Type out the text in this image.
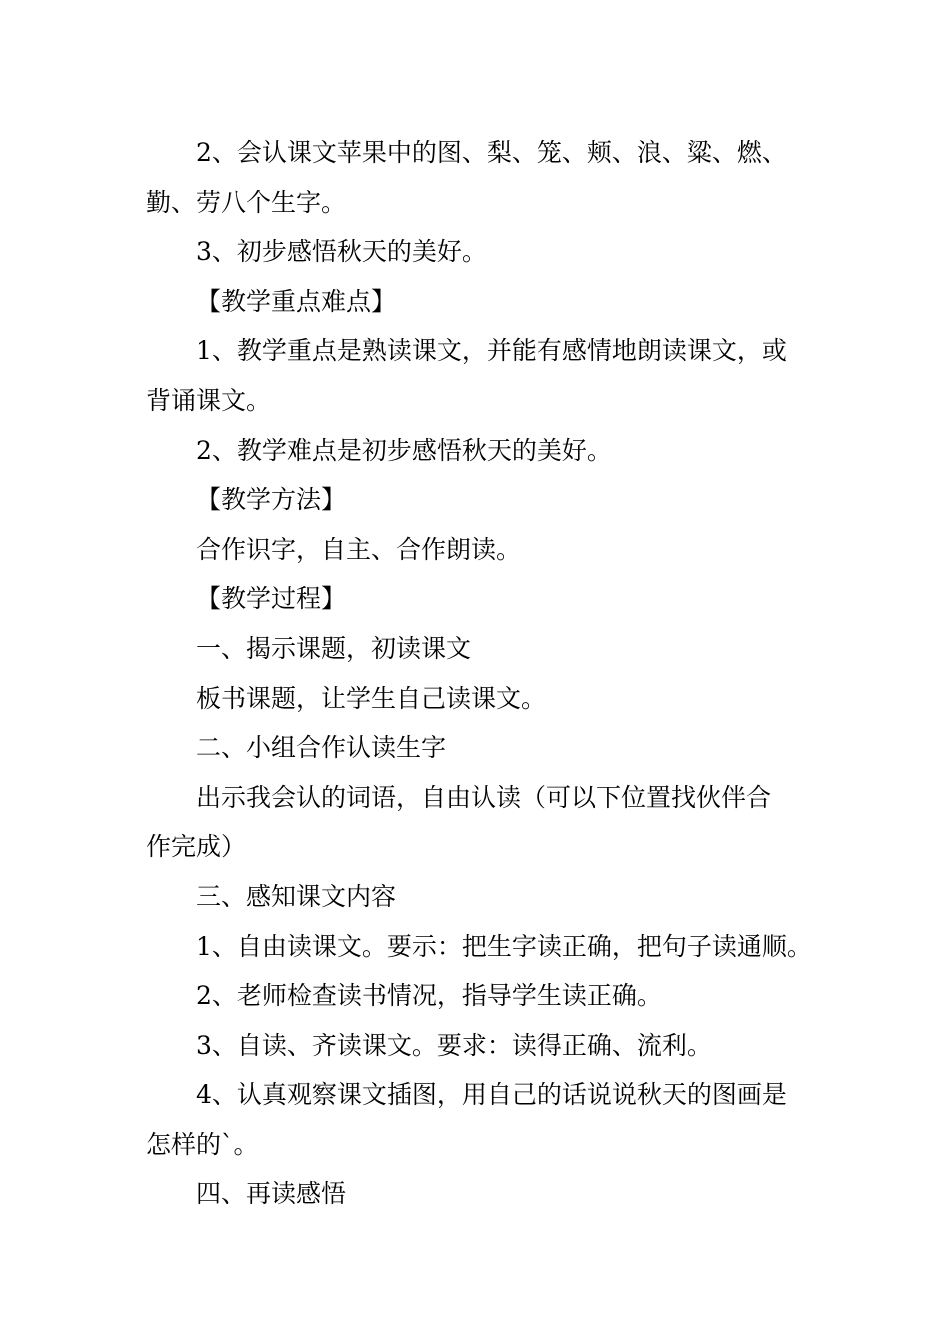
2、会认课文苹果中的图、梨、笼、颊、浪、粱、燃、
勤、劳八个生字。

3、初步感悟秋天的美好。

【教学重点难点】

1、教学重点是熟读课文，并能有感情地朗读课文，或
背诵课文。

2、教学难点是初步感悟秋天的美好。

【教学方法】

合作识字，自主、合作朗读。

【教学过程】

一、揭示课题，初读课文

板书课题，让学生自己读课文。

二、小组合作认读生字

出示我会认的词语，自由认读（可以下位置找伙伴合
作完成）

三、感知课文内容

1、自由读课文。要示：把生字读正确，把句子读通顺。

2、老师检查读书情况，指导学生读正确。

3、自读、齐读课文。要求：读得正确、流利。

4、认真观察课文插图，用自己的话说说秋天的图画是
怎样的`。

四、再读感悟
